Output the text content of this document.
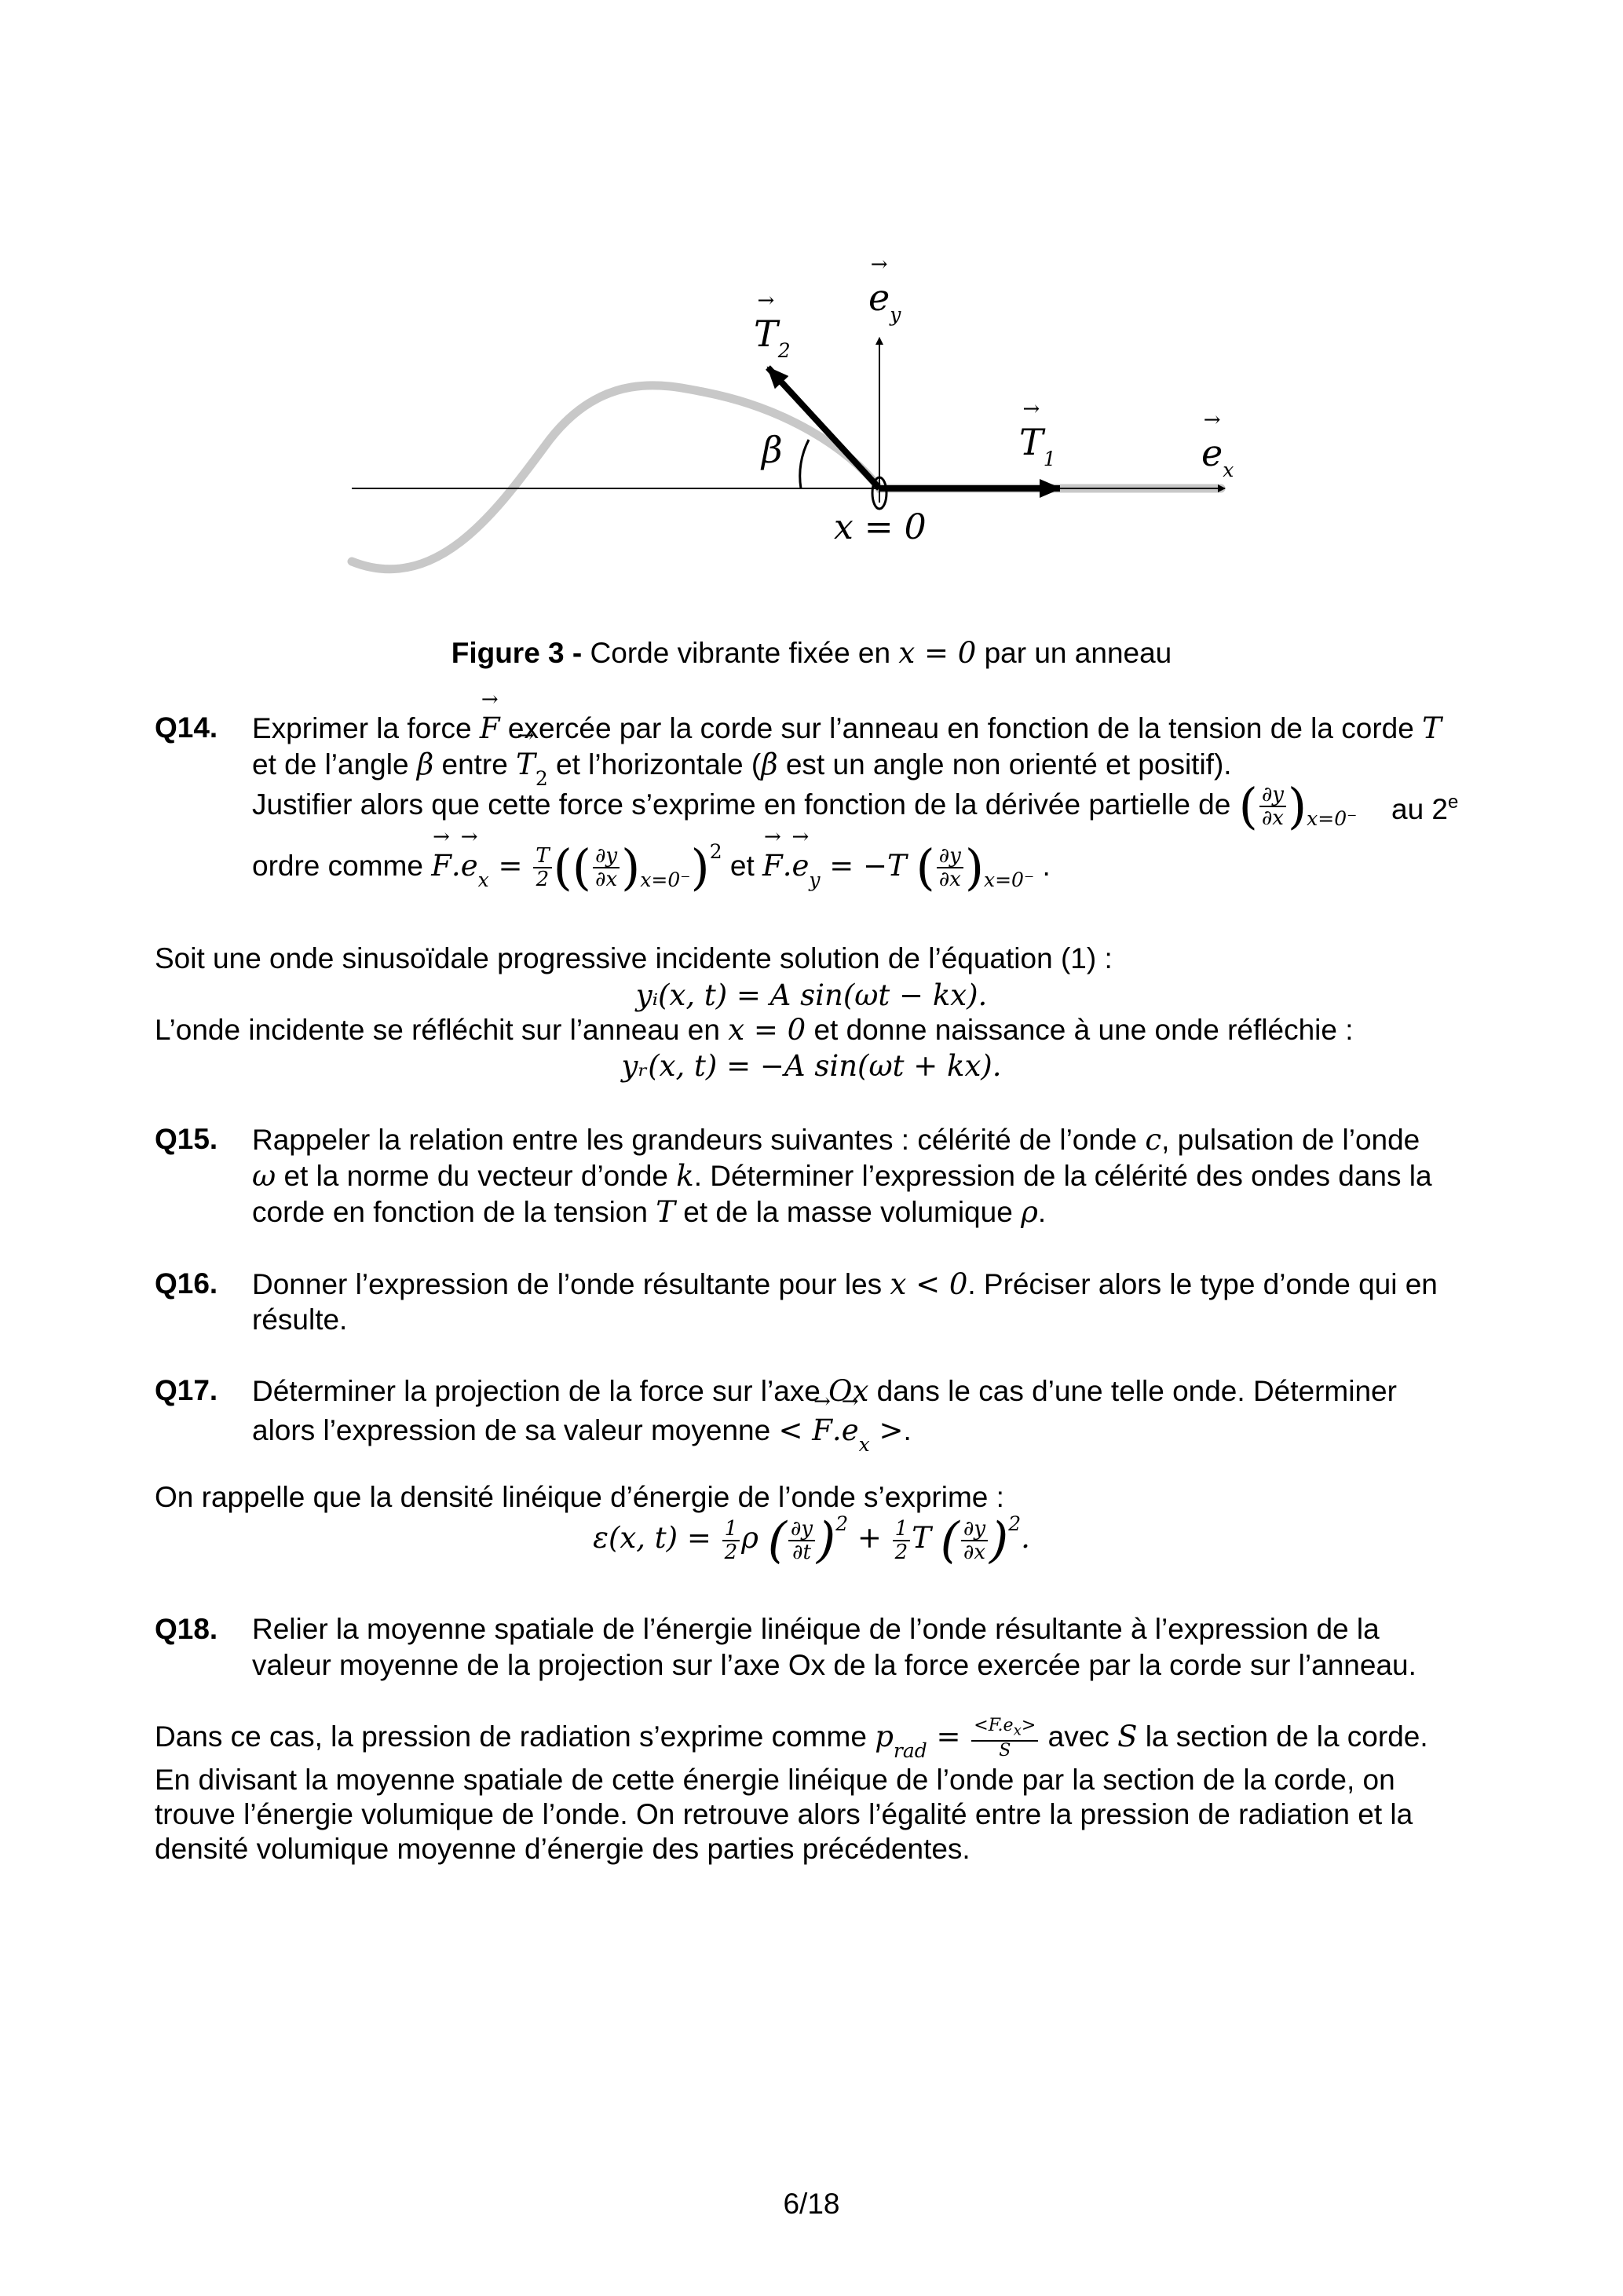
→ $e_y$
→ $T_2$
→ $T_1$	→ $e_x$
β
x = 0
Figure 3 - Corde vibrante fixée en x = 0 par un anneau
Q14. Exprimer la force → F exercée par la corde sur l’anneau en fonction de la tension de la corde T
et de l’angle β entre → $T_2$ et l’horizontale (β est un angle non orienté et positif).
Justifier alors que cette force s’exprime en fonction de la dérivée partielle de ( $\frac{\partial y}{\partial x} )_{x=0^-}$ au 2e
ordre comme → $F.\to e_x = \frac{T}{2}$ (( $\frac{\partial y}{\partial x} )_{x=0^-})^2$ et → $F.\to e_y = -T$ ( $\frac{\partial y}{\partial x} )_{x=0^-}$ .
Soit une onde sinusoïdale progressive incidente solution de l’équation (1) :
yᵢ(x, t) = A sin(ωt − kx).
L’onde incidente se réfléchit sur l’anneau en x = 0 et donne naissance à une onde réfléchie :
yᵣ(x, t) = −A sin(ωt + kx).
Q15. Rappeler la relation entre les grandeurs suivantes : célérité de l’onde c, pulsation de l’onde
ω et la norme du vecteur d’onde k. Déterminer l’expression de la célérité des ondes dans la
corde en fonction de la tension T et de la masse volumique ρ.
Q16. Donner l’expression de l’onde résultante pour les x < 0. Préciser alors le type d’onde qui en
résulte.
Q17. Déterminer la projection de la force sur l’axe Ox dans le cas d’une telle onde. Déterminer
alors l’expression de sa valeur moyenne < → $F.\to e_x$ >.
On rappelle que la densité linéique d’énergie de l’onde s’exprime :
ε(x, $t) = \frac{1}{2}$ ρ ( $\frac{\partial y}{\partial t} )^2 + \frac{1}{2}$ T ( $\frac{\partial y}{\partial x} )^2$.
Q18. Relier la moyenne spatiale de l’énergie linéique de l’onde résultante à l’expression de la
valeur moyenne de la projection sur l’axe Ox de la force exercée par la corde sur l’anneau.
Dans ce cas, la pression de radiation s’exprime comme $p_{rad} = \frac{<F.e_x>}{S}$ avec S la section de la corde.
En divisant la moyenne spatiale de cette énergie linéique de l’onde par la section de la corde, on
trouve l’énergie volumique de l’onde. On retrouve alors l’égalité entre la pression de radiation et la
densité volumique moyenne d’énergie des parties précédentes.
6/18
